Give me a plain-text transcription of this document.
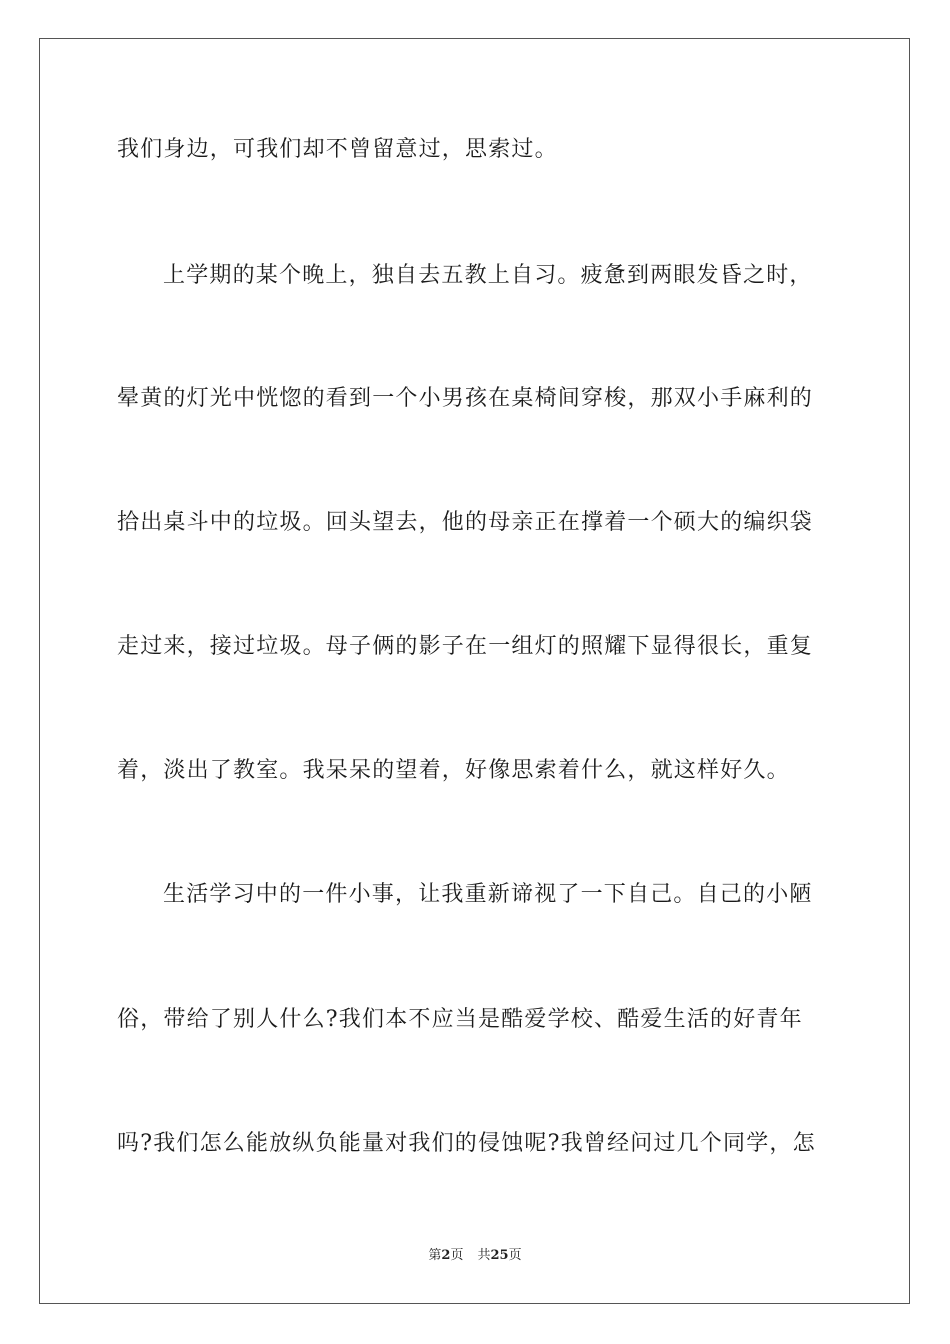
我们身边，可我们却不曾留意过，思索过。
上学期的某个晚上，独自去五教上自习。疲惫到两眼发昏之时，
晕黄的灯光中恍惚的看到一个小男孩在桌椅间穿梭，那双小手麻利的
拾出桌斗中的垃圾。回头望去，他的母亲正在撑着一个硕大的编织袋
走过来，接过垃圾。母子俩的影子在一组灯的照耀下显得很长，重复
着，淡出了教室。我呆呆的望着，好像思索着什么，就这样好久。
生活学习中的一件小事，让我重新谛视了一下自己。自己的小陋
俗，带给了别人什么?我们本不应当是酷爱学校、酷爱生活的好青年
吗?我们怎么能放纵负能量对我们的侵蚀呢?我曾经问过几个同学，怎
第2页 共25页
